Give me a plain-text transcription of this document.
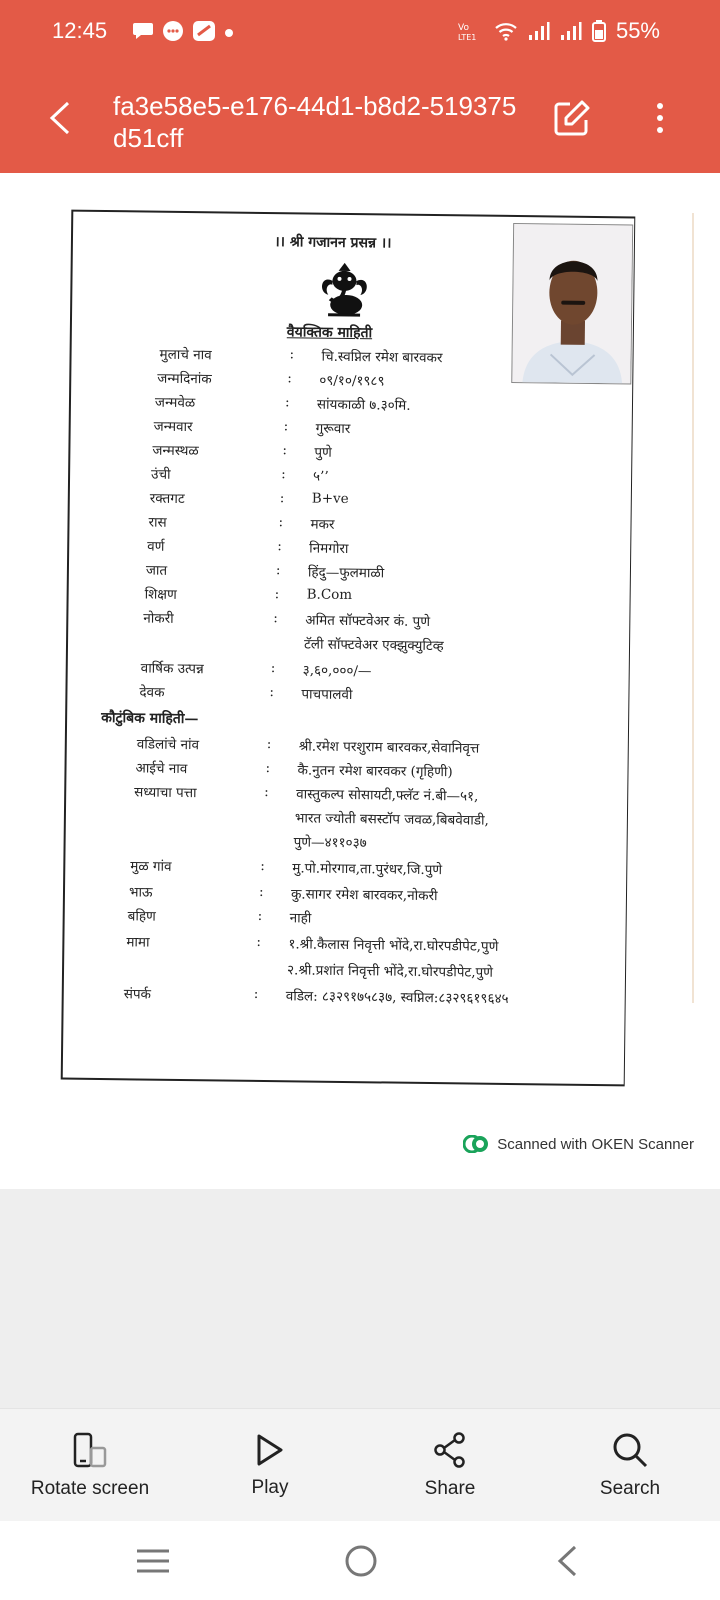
12:45	Vo
LTE1	55%
fa3e58e5-e176-44d1-b8d2-519375d51cff
।। श्री गजानन प्रसन्न ।।
वैयक्तिक माहिती
मुलाचे नाव	: चि.स्वप्निल रमेश बारवकर
जन्मदिनांक	: ०९/१०/१९८९
जन्मवेळ	: सांयकाळी ७.३०मि.
जन्मवार	: गुरूवार
जन्मस्थळ	: पुणे
उंची	: ५’’
रक्तगट	: B+ve
रास	: मकर
वर्ण	: निमगोरा
जात	: हिंदु—फुलमाळी
शिक्षण	: B.Com
नोकरी	: अमित सॉफ्टवेअर कं. पुणे
टॅली सॉफ्टवेअर एक्झुक्युटिव्ह
वार्षिक उत्पन्न	: ३,६०,०००/—
देवक	: पाचपालवी
कौटुंबिक माहिती—
वडिलांचे नांव	: श्री.रमेश परशुराम बारवकर,सेवानिवृत्त
आईचे नाव	: कै.नुतन रमेश बारवकर (गृहिणी)
सध्याचा पत्ता	: वास्तुकल्प सोसायटी,फ्लॅट नं.बी—५१,
भारत ज्योती बसस्टॉप जवळ,बिबवेवाडी,
पुणे—४११०३७
मुळ गांव	: मु.पो.मोरगाव,ता.पुरंधर,जि.पुणे
भाऊ	: कु.सागर रमेश बारवकर,नोकरी
बहिण	: नाही
मामा	: १.श्री.कैलास निवृत्ती भोंदे,रा.घोरपडीपेट,पुणे
२.श्री.प्रशांत निवृत्ती भोंदे,रा.घोरपडीपेट,पुणे
संपर्क	: वडिल: ८३२९१७५८३७, स्वप्निल:८३२९६१९६४५
Scanned with OKEN Scanner
Rotate screen	Play	Share	Search
